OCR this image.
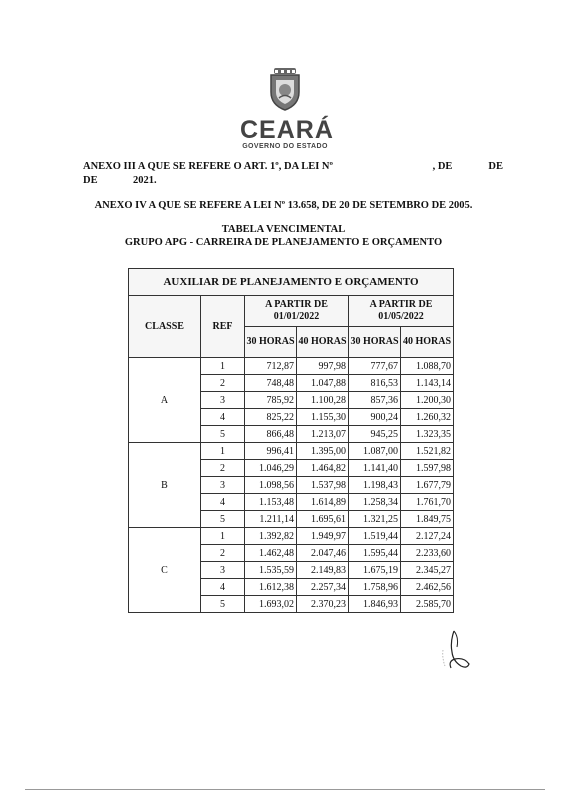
CEARÁ
GOVERNO DO ESTADO
ANEXO III A QUE SE REFERE O ART. 1º, DA LEI Nº	, DE	DE
DE	2021.
ANEXO IV A QUE SE REFERE A LEI Nº 13.658, DE 20 DE SETEMBRO DE 2005.
TABELA VENCIMENTAL
GRUPO APG - CARREIRA DE PLANEJAMENTO E ORÇAMENTO
AUXILIAR DE PLANEJAMENTO E ORÇAMENTO					
CLASSE	REF	A PARTIR DE 01/01/2022		A PARTIR DE 01/05/2022	
		30 HORAS	40 HORAS	30 HORAS	40 HORAS
A	1	712,87	997,98	777,67	1.088,70
	2	748,48	1.047,88	816,53	1.143,14
	3	785,92	1.100,28	857,36	1.200,30
	4	825,22	1.155,30	900,24	1.260,32
	5	866,48	1.213,07	945,25	1.323,35
B	1	996,41	1.395,00	1.087,00	1.521,82
	2	1.046,29	1.464,82	1.141,40	1.597,98
	3	1.098,56	1.537,98	1.198,43	1.677,79
	4	1.153,48	1.614,89	1.258,34	1.761,70
	5	1.211,14	1.695,61	1.321,25	1.849,75
C	1	1.392,82	1.949,97	1.519,44	2.127,24
	2	1.462,48	2.047,46	1.595,44	2.233,60
	3	1.535,59	2.149,83	1.675,19	2.345,27
	4	1.612,38	2.257,34	1.758,96	2.462,56
	5	1.693,02	2.370,23	1.846,93	2.585,70
